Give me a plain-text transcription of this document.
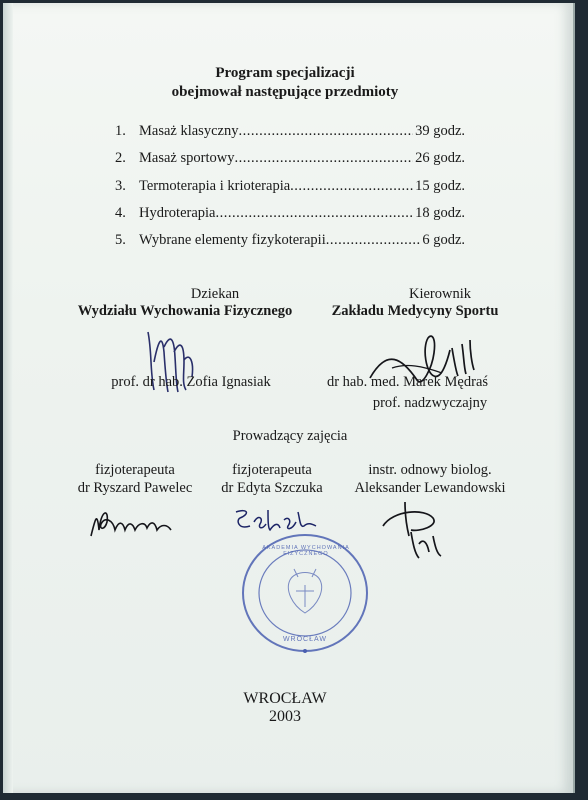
Program specjalizacji
obejmował następujące przedmioty
1. Masaż klasyczny .....	39 godz.
2. Masaż sportowy .....	26 godz.
3. Termoterapia i krioterapia .....	15 godz.
4. Hydroterapia .....	18 godz.
5. Wybrane elementy fizykoterapii .....	6 godz.
Dziekan
Wydziału Wychowania Fizycznego
prof. dr hab. Zofia Ignasiak
Kierownik
Zakładu Medycyny Sportu
dr hab. med. Marek Mędraś
prof. nadzwyczajny
Prowadzący zajęcia
fizjoterapeuta
dr Ryszard Pawelec
fizjoterapeuta
dr Edyta Szczuka
instr. odnowy biolog.
Aleksander Lewandowski
AKADEMIA WYCHOWANIA FIZYCZNEGO
WROCŁAW
WROCŁAW
2003
